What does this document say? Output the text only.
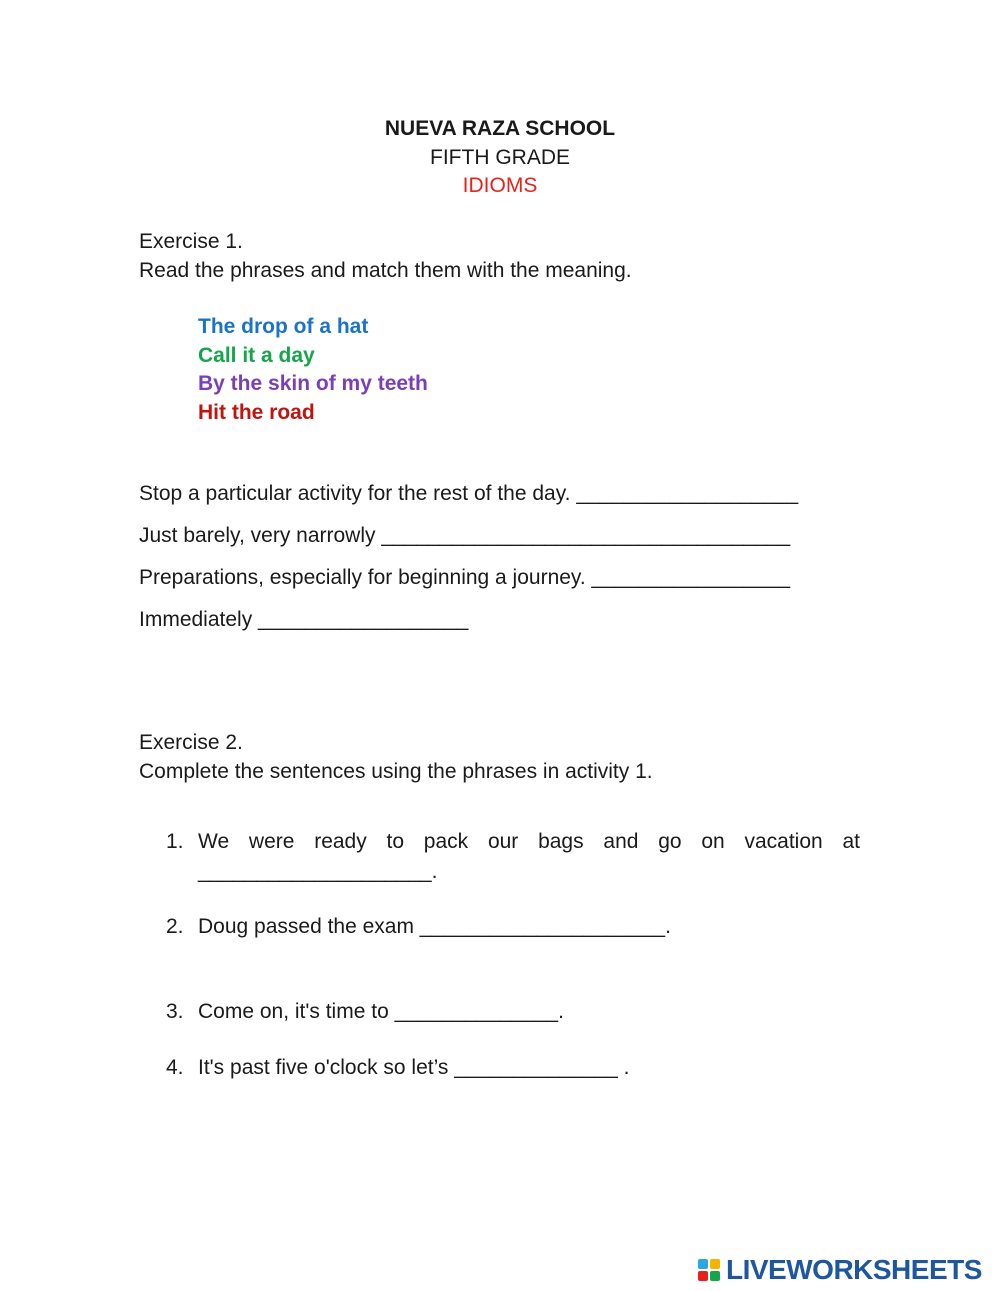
NUEVA RAZA SCHOOL
FIFTH GRADE
IDIOMS
Exercise 1.
Read the phrases and match them with the meaning.
The drop of a hat
Call it a day
By the skin of my teeth
Hit the road
Stop a particular activity for the rest of the day. ___________________
Just barely, very narrowly ___________________________________
Preparations, especially for beginning a journey. _________________
Immediately __________________
Exercise 2.
Complete the sentences using the phrases in activity 1.
1. We were ready to pack our bags and go on vacation at ____________________.
2. Doug passed the exam _____________________.
3. Come on, it's time to ______________.
4. It's past five o'clock so let’s ______________ .
LIVEWORKSHEETS
